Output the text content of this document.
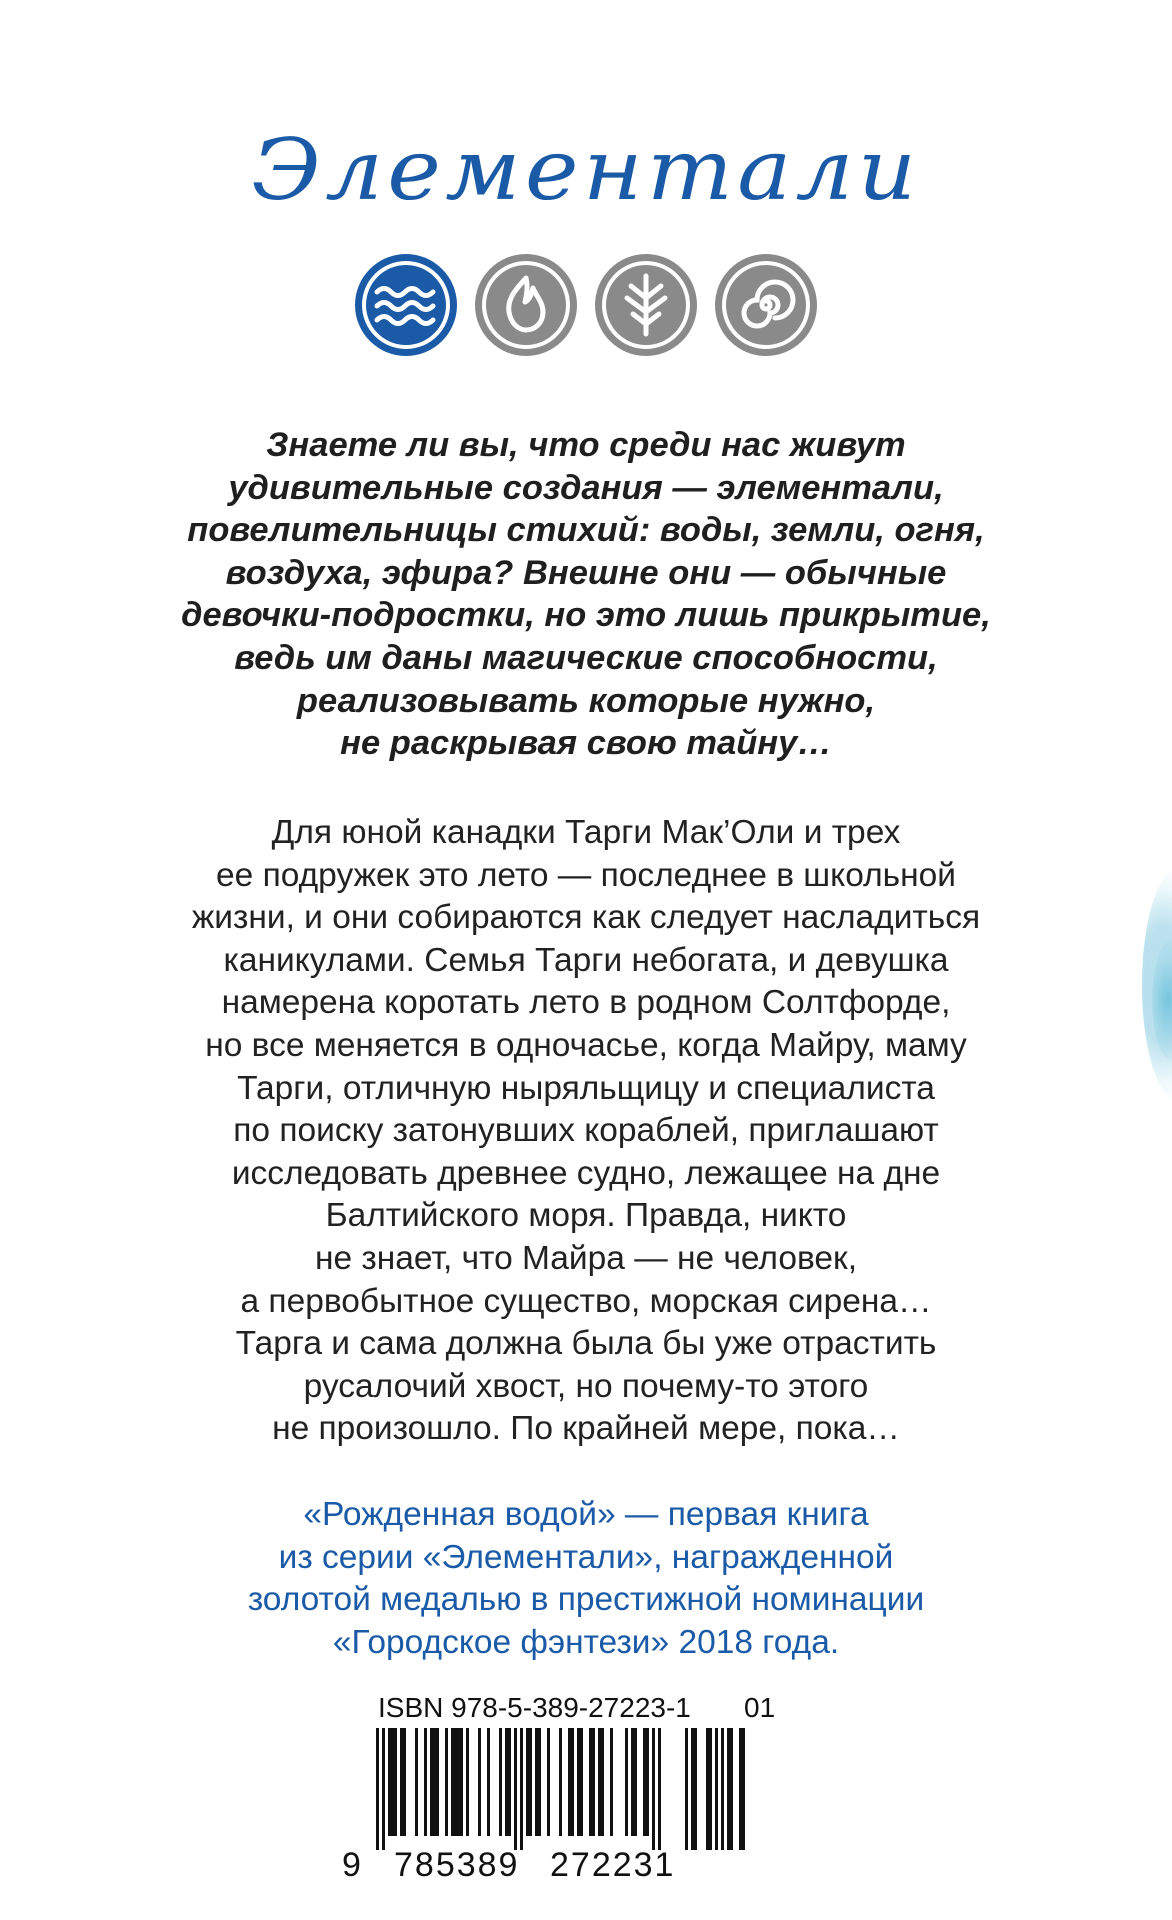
Элементали
Знаете ли вы, что среди нас живут
удивительные создания — элементали,
повелительницы стихий: воды, земли, огня,
воздуха, эфира? Внешне они — обычные
девочки-подростки, но это лишь прикрытие,
ведь им даны магические способности,
реализовывать которые нужно,
не раскрывая свою тайну…
Для юной канадки Тарги Мак’Оли и трех
ее подружек это лето — последнее в школьной
жизни, и они собираются как следует насладиться
каникулами. Семья Тарги небогата, и девушка
намерена коротать лето в родном Солтфорде,
но все меняется в одночасье, когда Майру, маму
Тарги, отличную ныряльщицу и специалиста
по поиску затонувших кораблей, приглашают
исследовать древнее судно, лежащее на дне
Балтийского моря. Правда, никто
не знает, что Майра — не человек,
а первобытное существо, морская сирена…
Тарга и сама должна была бы уже отрастить
русалочий хвост, но почему-то этого
не произошло. По крайней мере, пока…
«Рожденная водой» — первая книга
из серии «Элементали», награжденной
золотой медалью в престижной номинации
«Городское фэнтези» 2018 года.
ISBN 978-5-389-27223-1 01
9 785389 272231
